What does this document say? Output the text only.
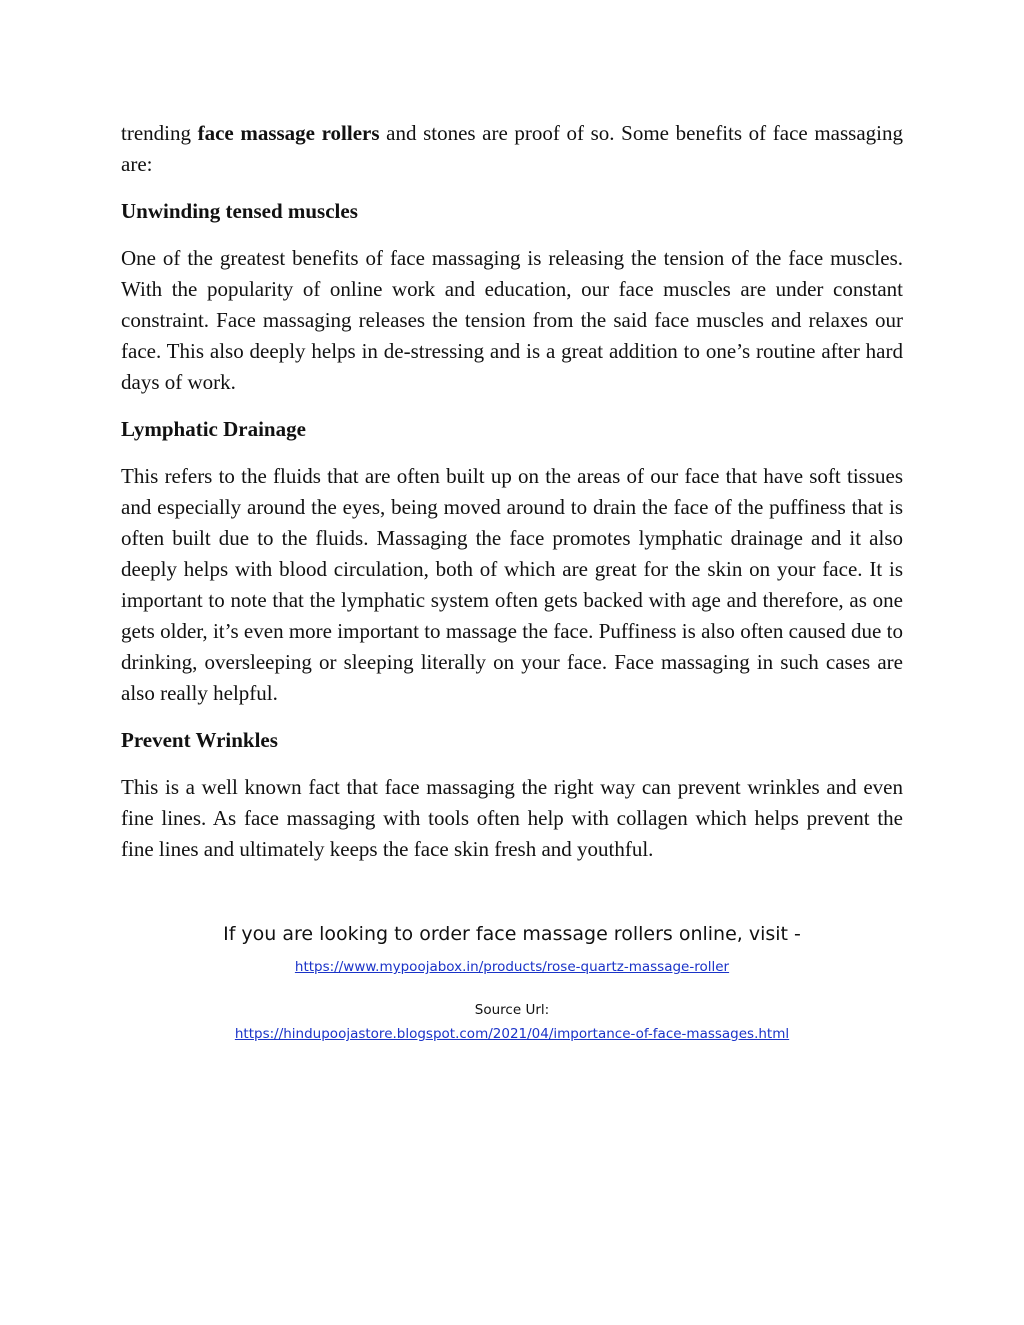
trending face massage rollers and stones are proof of so. Some benefits of face massaging are:

Unwinding tensed muscles

One of the greatest benefits of face massaging is releasing the tension of the face muscles. With the popularity of online work and education, our face muscles are under constant constraint. Face massaging releases the tension from the said face muscles and relaxes our face. This also deeply helps in de-stressing and is a great addition to one’s routine after hard days of work.

Lymphatic Drainage

This refers to the fluids that are often built up on the areas of our face that have soft tissues and especially around the eyes, being moved around to drain the face of the puffiness that is often built due to the fluids. Massaging the face promotes lymphatic drainage and it also deeply helps with blood circulation, both of which are great for the skin on your face. It is important to note that the lymphatic system often gets backed with age and therefore, as one gets older, it’s even more important to massage the face. Puffiness is also often caused due to drinking, oversleeping or sleeping literally on your face. Face massaging in such cases are also really helpful.

Prevent Wrinkles

This is a well known fact that face massaging the right way can prevent wrinkles and even fine lines. As face massaging with tools often help with collagen which helps prevent the fine lines and ultimately keeps the face skin fresh and youthful.

If you are looking to order face massage rollers online, visit -
https://www.mypoojabox.in/products/rose-quartz-massage-roller
Source Url:
https://hindupoojastore.blogspot.com/2021/04/importance-of-face-massages.html
